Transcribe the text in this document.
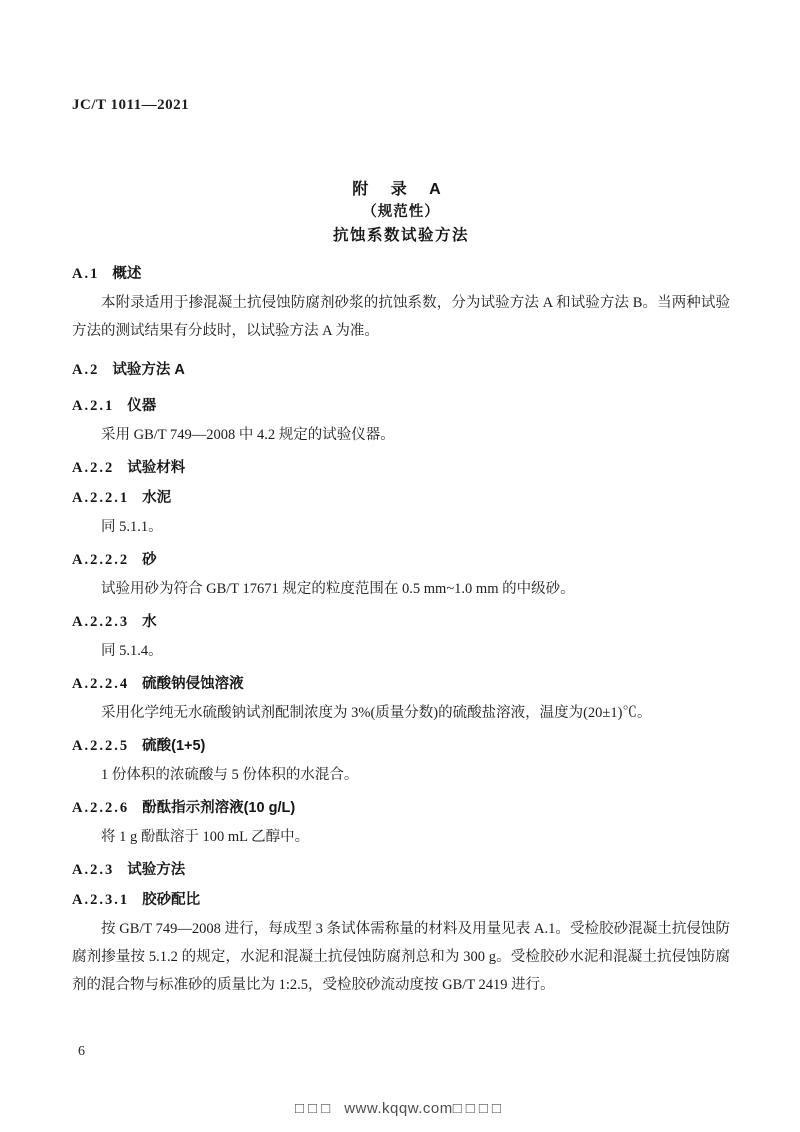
JC/T 1011—2021
附 录 A
（规范性）
抗蚀系数试验方法
A.1 概述

本附录适用于掺混凝土抗侵蚀防腐剂砂浆的抗蚀系数，分为试验方法 A 和试验方法 B。当两种试验方法的测试结果有分歧时，以试验方法 A 为准。

A.2 试验方法 A
A.2.1 仪器

采用 GB/T 749—2008 中 4.2 规定的试验仪器。

A.2.2 试验材料
A.2.2.1 水泥

同 5.1.1。

A.2.2.2 砂

试验用砂为符合 GB/T 17671 规定的粒度范围在 0.5 mm~1.0 mm 的中级砂。

A.2.2.3 水

同 5.1.4。

A.2.2.4 硫酸钠侵蚀溶液

采用化学纯无水硫酸钠试剂配制浓度为 3%(质量分数)的硫酸盐溶液，温度为(20±1)℃。

A.2.2.5 硫酸(1+5)

1 份体积的浓硫酸与 5 份体积的水混合。

A.2.2.6 酚酞指示剂溶液(10 g/L)

将 1 g 酚酞溶于 100 mL 乙醇中。

A.2.3 试验方法
A.2.3.1 胶砂配比

按 GB/T 749—2008 进行，每成型 3 条试体需称量的材料及用量见表 A.1。受检胶砂混凝土抗侵蚀防腐剂掺量按 5.1.2 的规定，水泥和混凝土抗侵蚀防腐剂总和为 300 g。受检胶砂水泥和混凝土抗侵蚀防腐剂的混合物与标准砂的质量比为 1:2.5，受检胶砂流动度按 GB/T 2419 进行。

6
□□□ www.kqqw.com□□□□
